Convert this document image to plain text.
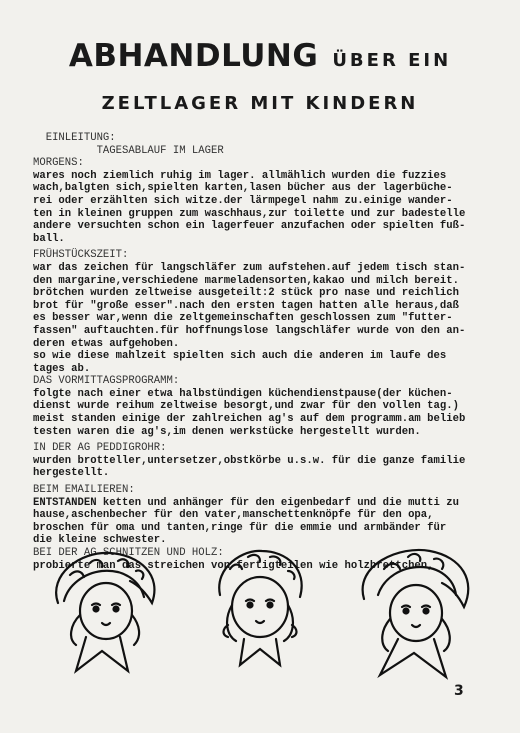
ABHANDLUNG ÜBER EIN
ZELTLAGER MIT KINDERN
EINLEITUNG:
TAGESABLAUF IM LAGER
MORGENS:
wares noch ziemlich ruhig im lager. allmählich wurden die fuzzies
wach,balgten sich,spielten karten,lasen bücher aus der lagerbüche-
rei oder erzählten sich witze.der lärmpegel nahm zu.einige wander-
ten in kleinen gruppen zum waschhaus,zur toilette und zur badestelle
andere versuchten schon ein lagerfeuer anzufachen oder spielten fuß-
ball.
FRÜHSTÜCKSZEIT:
war das zeichen für langschläfer zum aufstehen.auf jedem tisch stan-
den margarine,verschiedene marmeladensorten,kakao und milch bereit.
brötchen wurden zeltweise ausgeteilt:2 stück pro nase und reichlich
brot für "große esser".nach den ersten tagen hatten alle heraus,daß
es besser war,wenn die zeltgemeinschaften geschlossen zum "futter-
fassen" auftauchten.für hoffnungslose langschläfer wurde von den an-
deren etwas aufgehoben.
so wie diese mahlzeit spielten sich auch die anderen im laufe des
tages ab.
DAS VORMITTAGSPROGRAMM:
folgte nach einer etwa halbstündigen küchendienstpause(der küchen-
dienst wurde reihum zeltweise besorgt,und zwar für den vollen tag.)
meist standen einige der zahlreichen ag's auf dem programm.am belieb
testen waren die ag's,im denen werkstücke hergestellt wurden.
IN DER AG PEDDIGROHR:
wurden brotteller,untersetzer,obstkörbe u.s.w. für die ganze familie
hergestellt.
BEIM EMAILIEREN:
ENTSTANDEN ketten und anhänger für den eigenbedarf und die mutti zu
hause,aschenbecher für den vater,manschettenknöpfe für den opa,
broschen für oma und tanten,ringe für die emmie und armbänder für
die kleine schwester.
BEI DER AG SCHNITZEN UND HOLZ:
probierte man das streichen von fertigteilen wie holzbrettchen,
3
